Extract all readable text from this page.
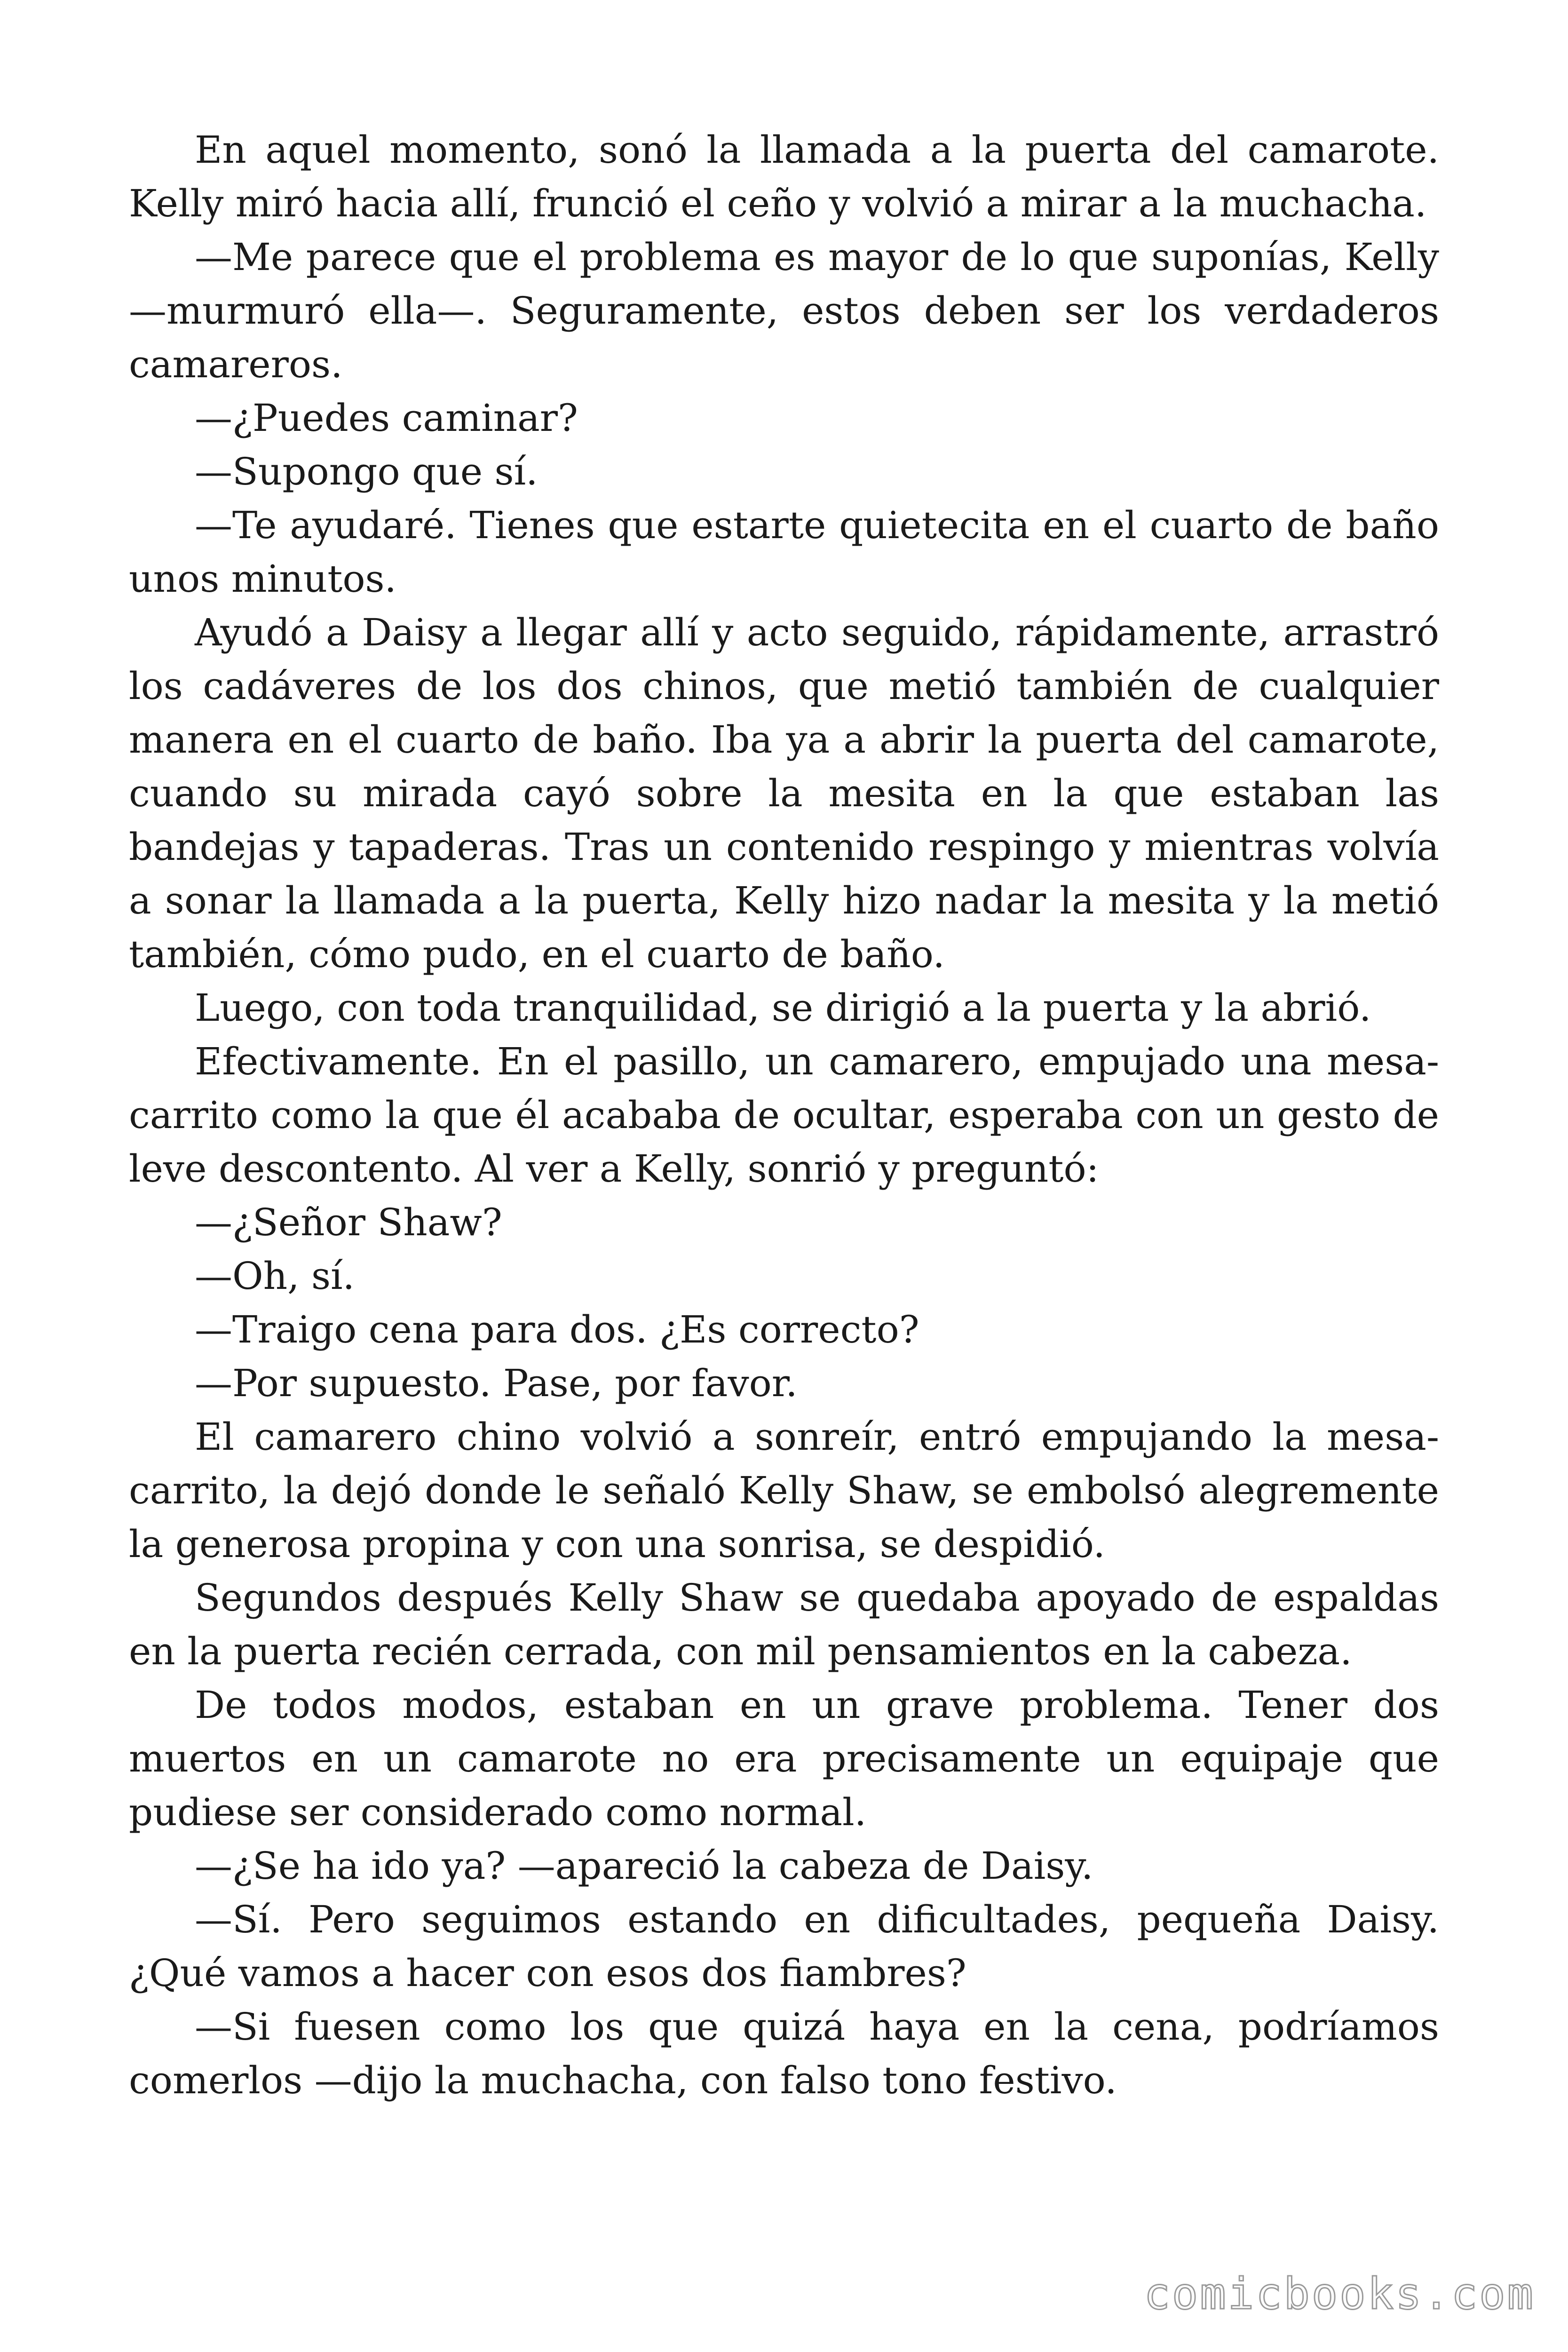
En aquel momento, sonó la llamada a la puerta del camarote. Kelly miró hacia allí, frunció el ceño y volvió a mirar a la muchacha.

—Me parece que el problema es mayor de lo que suponías, Kelly —murmuró ella—. Seguramente, estos deben ser los verdaderos camareros.

—¿Puedes caminar?

—Supongo que sí.

—Te ayudaré. Tienes que estarte quietecita en el cuarto de baño unos minutos.

Ayudó a Daisy a llegar allí y acto seguido, rápidamente, arrastró los cadáveres de los dos chinos, que metió también de cualquier manera en el cuarto de baño. Iba ya a abrir la puerta del camarote, cuando su mirada cayó sobre la mesita en la que estaban las bandejas y tapaderas. Tras un contenido respingo y mientras volvía a sonar la llamada a la puerta, Kelly hizo nadar la mesita y la metió también, cómo pudo, en el cuarto de baño.

Luego, con toda tranquilidad, se dirigió a la puerta y la abrió.

Efectivamente. En el pasillo, un camarero, empujado una mesa-carrito como la que él acababa de ocultar, esperaba con un gesto de leve descontento. Al ver a Kelly, sonrió y preguntó:

—¿Señor Shaw?

—Oh, sí.

—Traigo cena para dos. ¿Es correcto?

—Por supuesto. Pase, por favor.

El camarero chino volvió a sonreír, entró empujando la mesa-carrito, la dejó donde le señaló Kelly Shaw, se embolsó alegremente la generosa propina y con una sonrisa, se despidió.

Segundos después Kelly Shaw se quedaba apoyado de espaldas en la puerta recién cerrada, con mil pensamientos en la cabeza.

De todos modos, estaban en un grave problema. Tener dos muertos en un camarote no era precisamente un equipaje que pudiese ser considerado como normal.

—¿Se ha ido ya? —apareció la cabeza de Daisy.

—Sí. Pero seguimos estando en dificultades, pequeña Daisy. ¿Qué vamos a hacer con esos dos fiambres?

—Si fuesen como los que quizá haya en la cena, podríamos comerlos —dijo la muchacha, con falso tono festivo.

comicbooks.com
